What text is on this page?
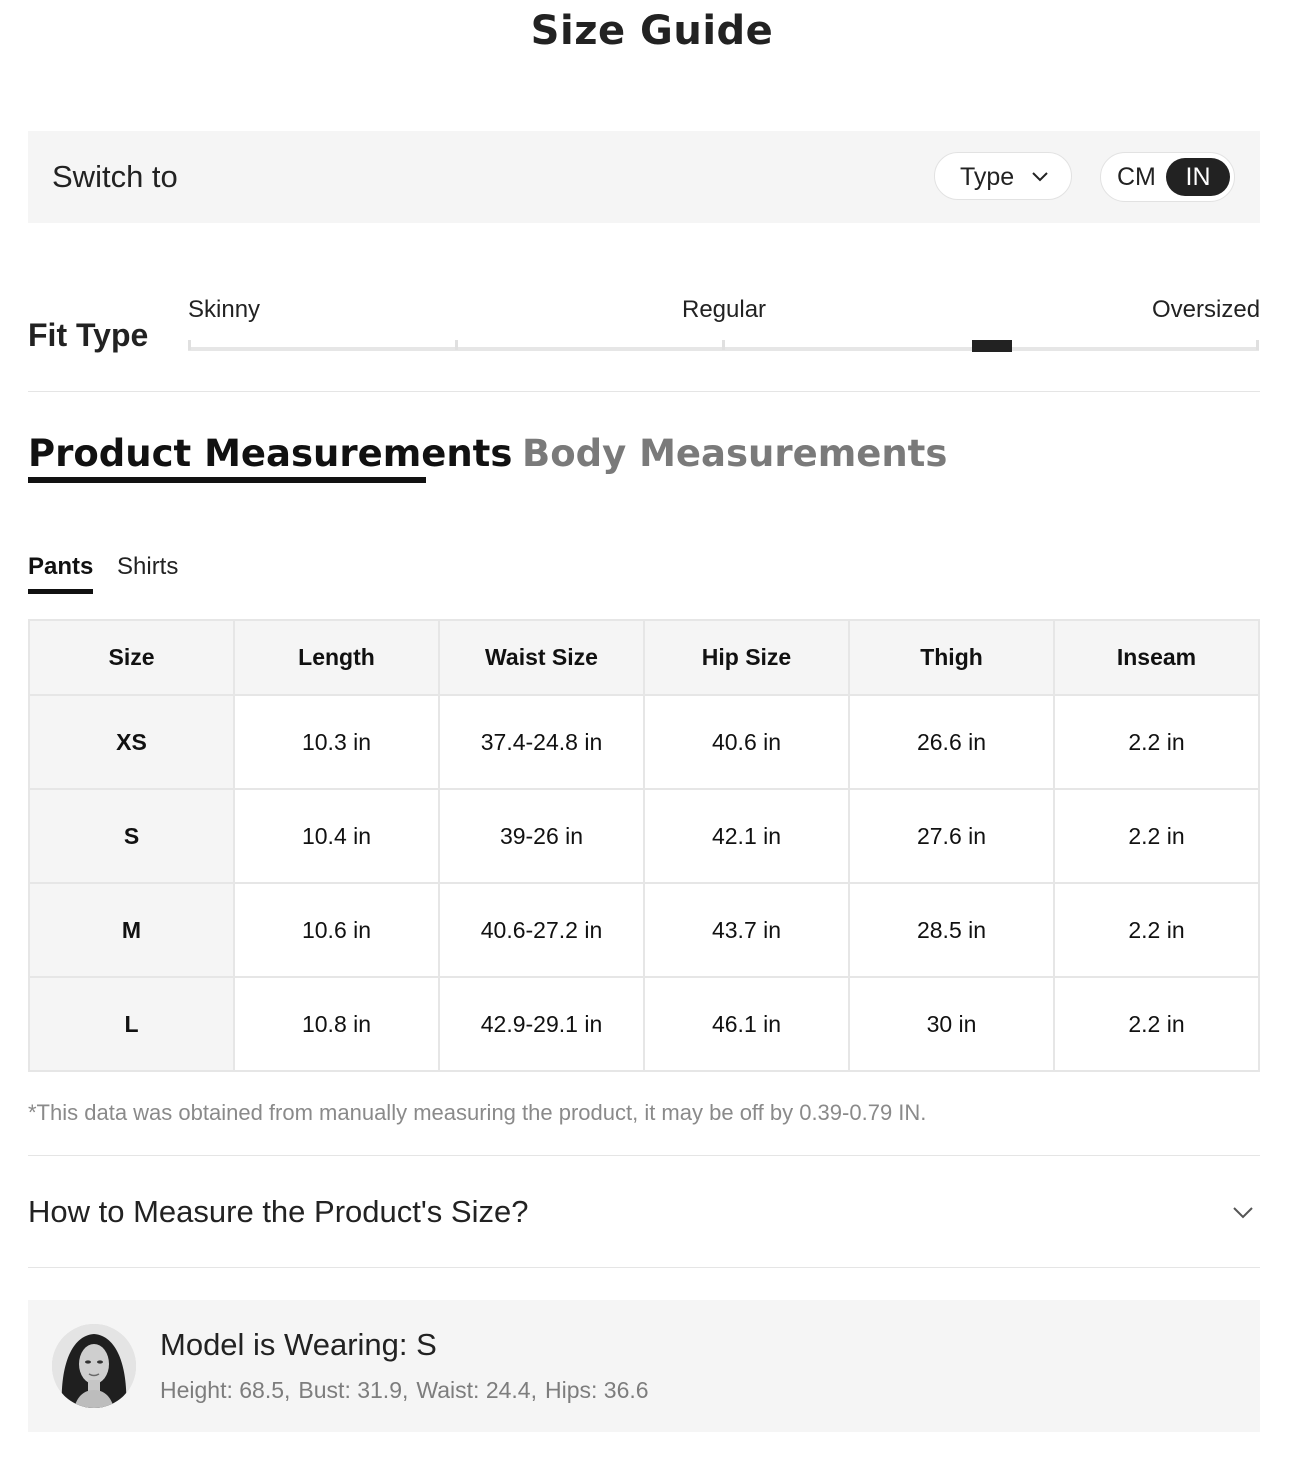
Size Guide
Switch to	Type	CM	IN
Fit Type
Skinny	Regular	Oversized
Product Measurements Body Measurements
Pants Shirts
Size	Length	Waist Size	Hip Size	Thigh	Inseam
XS	10.3 in	37.4-24.8 in	40.6 in	26.6 in	2.2 in
S	10.4 in	39-26 in	42.1 in	27.6 in	2.2 in
M	10.6 in	40.6-27.2 in	43.7 in	28.5 in	2.2 in
L	10.8 in	42.9-29.1 in	46.1 in	30 in	2.2 in
*This data was obtained from manually measuring the product, it may be off by 0.39-0.79 IN.
How to Measure the Product's Size?
Model is Wearing: S
Height: 68.5, Bust: 31.9, Waist: 24.4, Hips: 36.6
